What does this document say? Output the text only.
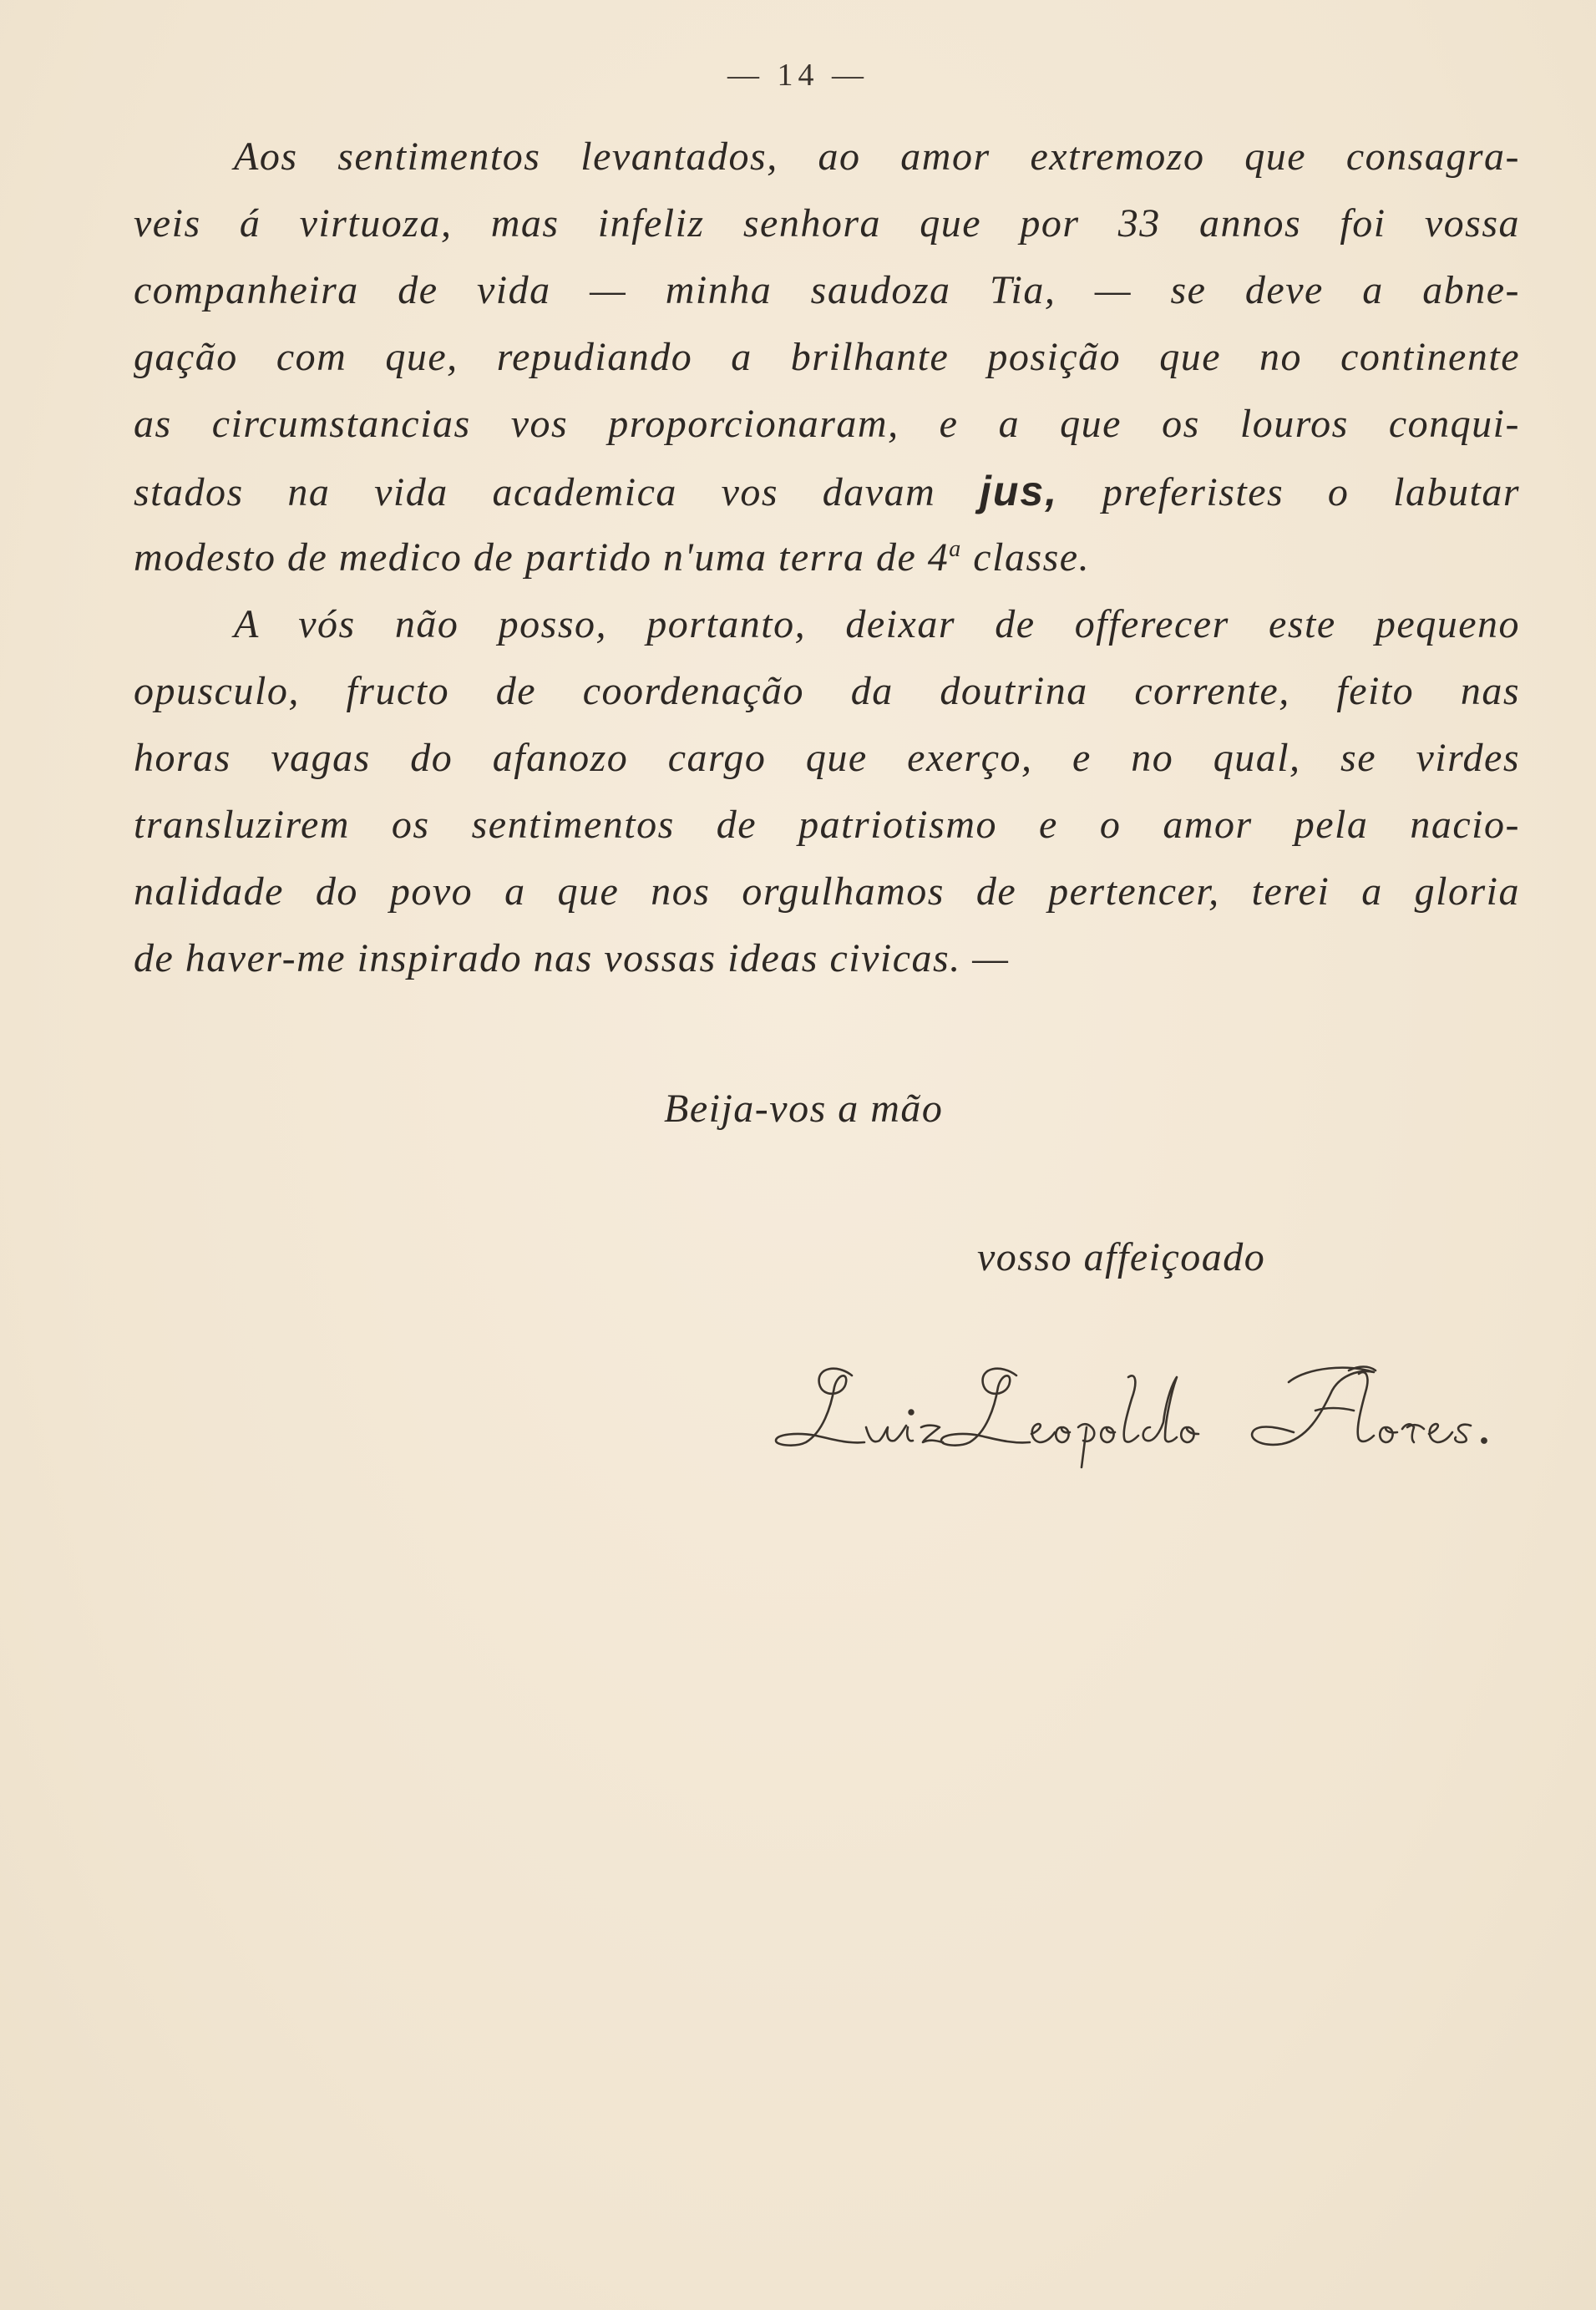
— 14 —
Aos sentimentos levantados, ao amor extremozo que consagra-
veis á virtuoza, mas infeliz senhora que por 33 annos foi vossa
companheira de vida — minha saudoza Tia, — se deve a abne-
gação com que, repudiando a brilhante posição que no continente
as circumstancias vos proporcionaram, e a que os louros conqui-
stados na vida academica vos davam jus, preferistes o labutar
modesto de medico de partido n'uma terra de 4$^a$ classe.
A vós não posso, portanto, deixar de offerecer este pequeno
opusculo, fructo de coordenação da doutrina corrente, feito nas
horas vagas do afanozo cargo que exerço, e no qual, se virdes
transluzirem os sentimentos de patriotismo e o amor pela nacio-
nalidade do povo a que nos orgulhamos de pertencer, terei a gloria
de haver-me inspirado nas vossas ideas civicas. —
Beija-vos a mão
vosso affeiçoado
